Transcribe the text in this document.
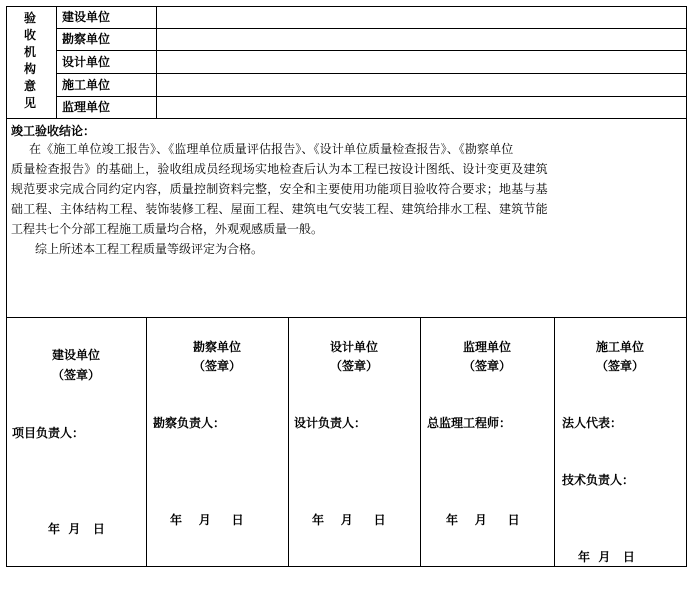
验
收
机
构
意
见
建设单位
勘察单位
设计单位
施工单位
监理单位
竣工验收结论：
在《施工单位竣工报告》、《监理单位质量评估报告》、《设计单位质量检查报告》、《勘察单位
质量检查报告》的基础上，验收组成员经现场实地检查后认为本工程已按设计图纸、设计变更及建筑
规范要求完成合同约定内容，质量控制资料完整，安全和主要使用功能项目验收符合要求；地基与基
础工程、主体结构工程、装饰装修工程、屋面工程、建筑电气安装工程、建筑给排水工程、建筑节能
工程共七个分部工程施工质量均合格，外观观感质量一般。
综上所述本工程工程质量等级评定为合格。
建设单位
（签章）
项目负责人：
年  月   日
勘察单位
（签章）
勘察负责人：
年    月     日
设计单位
（签章）
设计负责人：
年    月     日
监理单位
（签章）
总监理工程师：
年    月     日
施工单位
（签章）
法人代表：
技术负责人：
年  月   日
